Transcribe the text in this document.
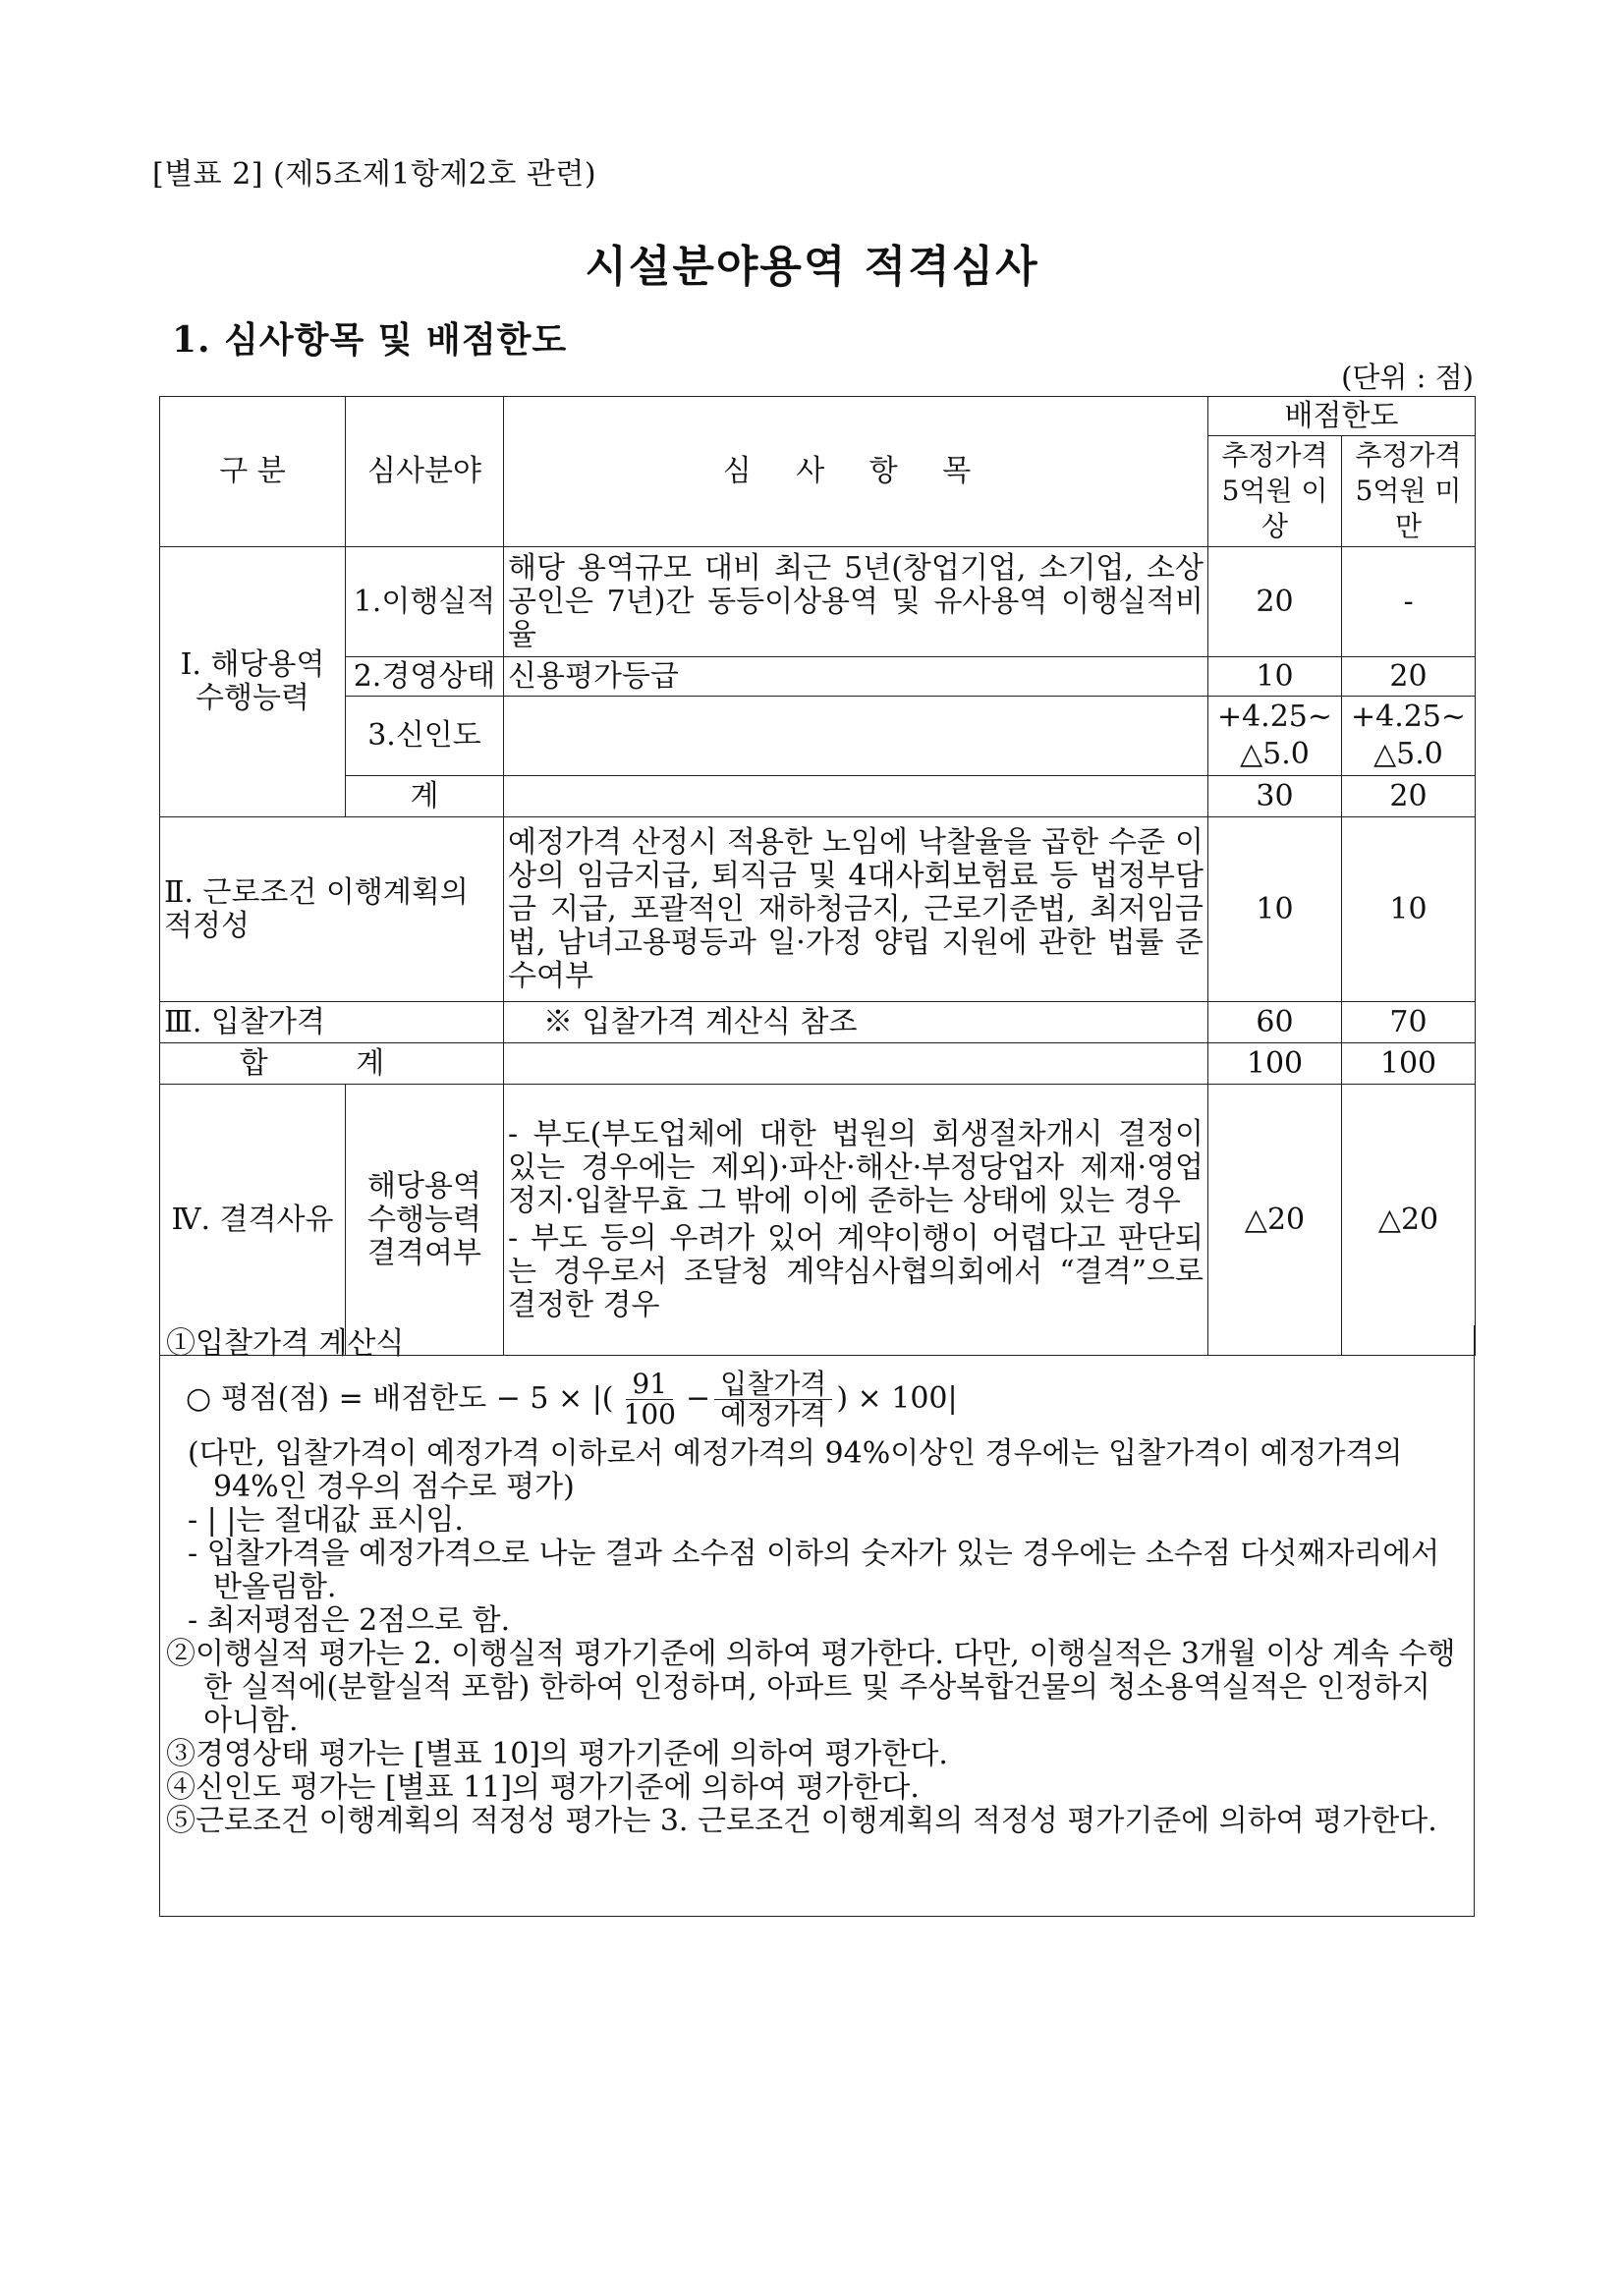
[별표 2] (제5조제1항제2호 관련)
시설분야용역 적격심사
1. 심사항목 및 배점한도
(단위 : 점)
구 분	심사분야	심 사 항 목	배점한도	
			추정가격 5억원 이상	추정가격 5억원 미만
Ⅰ. 해당용역 수행능력	1.이행실적	해당 용역규모 대비 최근 5년(창업기업, 소기업, 소상공인은 7년)간 동등이상용역 및 유사용역 이행실적비율	20	-
	2.경영상태	신용평가등급	10	20
	3.신인도		+4.25~ △5.0	+4.25~ △5.0
	계		30	20
Ⅱ. 근로조건 이행계획의 적정성		예정가격 산정시 적용한 노임에 낙찰율을 곱한 수준 이상의 임금지급, 퇴직금 및 4대사회보험료 등 법정부담금 지급, 포괄적인 재하청금지, 근로기준법, 최저임금법, 남녀고용평등과 일·가정 양립 지원에 관한 법률 준수여부	10	10
Ⅲ. 입찰가격		※ 입찰가격 계산식 참조	60	70
합 계			100	100
Ⅳ. 결격사유	해당용역 수행능력 결격여부	- 부도(부도업체에 대한 법원의 회생절차개시 결정이 있는 경우에는 제외)·파산·해산·부정당업자 제재·영업정지·입찰무효 그 밖에 이에 준하는 상태에 있는 경우
- 부도 등의 우려가 있어 계약이행이 어렵다고 판단되는 경우로서 조달청 계약심사협의회에서 “결격”으로 결정한 경우	△20	△20
①입찰가격 계산식
○ 평점(점) = 배점한도 − 5 × |( $\frac{91}{100} - \frac{\text{입찰가격}}{\text{예정가격}}$ ) × 100|
(다만, 입찰가격이 예정가격 이하로서 예정가격의 94%이상인 경우에는 입찰가격이 예정가격의 94%인 경우의 점수로 평가)
- | |는 절대값 표시임.
- 입찰가격을 예정가격으로 나눈 결과 소수점 이하의 숫자가 있는 경우에는 소수점 다섯째자리에서 반올림함.
- 최저평점은 2점으로 함.
②이행실적 평가는 2. 이행실적 평가기준에 의하여 평가한다. 다만, 이행실적은 3개월 이상 계속 수행한 실적에(분할실적 포함) 한하여 인정하며, 아파트 및 주상복합건물의 청소용역실적은 인정하지 아니함.
③경영상태 평가는 [별표 10]의 평가기준에 의하여 평가한다.
④신인도 평가는 [별표 11]의 평가기준에 의하여 평가한다.
⑤근로조건 이행계획의 적정성 평가는 3. 근로조건 이행계획의 적정성 평가기준에 의하여 평가한다.
